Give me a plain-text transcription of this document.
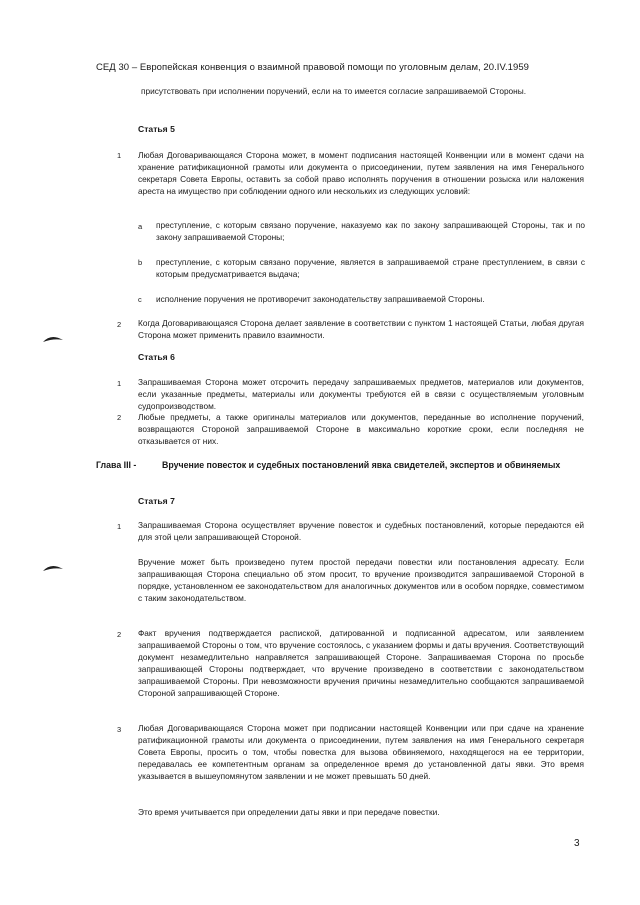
СЕД 30 – Европейская конвенция о взаимной правовой помощи по уголовным делам, 20.IV.1959
присутствовать при исполнении поручений, если на то имеется согласие запрашиваемой Стороны.
Статья 5
1 Любая Договаривающаяся Сторона может, в момент подписания настоящей Конвенции или в момент сдачи на хранение ратификационной грамоты или документа о присоединении, путем заявления на имя Генерального секретаря Совета Европы, оставить за собой право исполнять поручения в отношении розыска или наложения ареста на имущество при соблюдении одного или нескольких из следующих условий:
a преступление, с которым связано поручение, наказуемо как по закону запрашивающей Стороны, так и по закону запрашиваемой Стороны;
b преступление, с которым связано поручение, является в запрашиваемой стране преступлением, в связи с которым предусматривается выдача;
c исполнение поручения не противоречит законодательству запрашиваемой Стороны.
2 Когда Договаривающаяся Сторона делает заявление в соответствии с пунктом 1 настоящей Статьи, любая другая Сторона может применить правило взаимности.
Статья 6
1 Запрашиваемая Сторона может отсрочить передачу запрашиваемых предметов, материалов или документов, если указанные предметы, материалы или документы требуются ей в связи с осуществляемым уголовным судопроизводством.
2 Любые предметы, а также оригиналы материалов или документов, переданные во исполнение поручений, возвращаются Стороной запрашиваемой Стороне в максимально короткие сроки, если последняя не отказывается от них.
Глава III -	Вручение повесток и судебных постановлений явка свидетелей, экспертов и обвиняемых
Статья 7
1 Запрашиваемая Сторона осуществляет вручение повесток и судебных постановлений, которые передаются ей для этой цели запрашивающей Стороной.
Вручение может быть произведено путем простой передачи повестки или постановления адресату. Если запрашивающая Сторона специально об этом просит, то вручение производится запрашиваемой Стороной в порядке, установленном ее законодательством для аналогичных документов или в особом порядке, совместимом с таким законодательством.
2 Факт вручения подтверждается распиской, датированной и подписанной адресатом, или заявлением запрашиваемой Стороны о том, что вручение состоялось, с указанием формы и даты вручения. Соответствующий документ незамедлительно направляется запрашивающей Стороне. Запрашиваемая Сторона по просьбе запрашивающей Стороны подтверждает, что вручение произведено в соответствии с законодательством запрашиваемой Стороны. При невозможности вручения причины незамедлительно сообщаются запрашиваемой Стороной запрашивающей Стороне.
3 Любая Договаривающаяся Сторона может при подписании настоящей Конвенции или при сдаче на хранение ратификационной грамоты или документа о присоединении, путем заявления на имя Генерального секретаря Совета Европы, просить о том, чтобы повестка для вызова обвиняемого, находящегося на ее территории, передавалась ее компетентным органам за определенное время до установленной даты явки. Это время указывается в вышеупомянутом заявлении и не может превышать 50 дней.
Это время учитывается при определении даты явки и при передаче повестки.
3
